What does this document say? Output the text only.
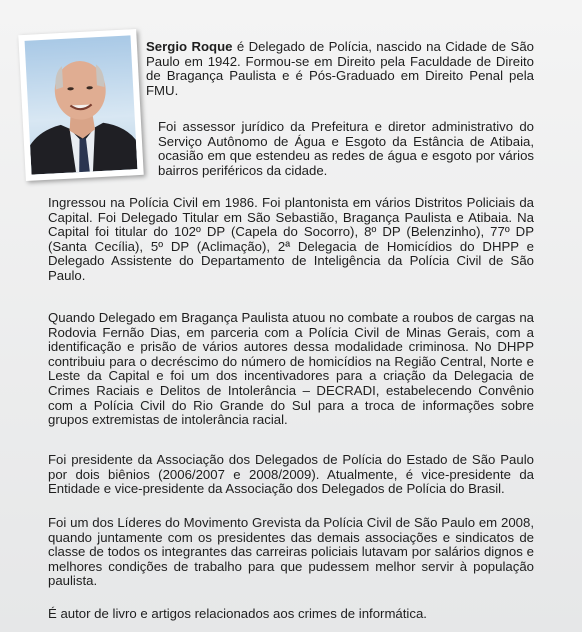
Sergio Roque é Delegado de Polícia, nascido na Cidade de São Paulo em 1942. Formou-se em Direito pela Faculdade de Direito de Bragança Paulista e é Pós-Graduado em Direito Penal pela FMU.

Foi assessor jurídico da Prefeitura e diretor administrativo do Serviço Autônomo de Água e Esgoto da Estância de Atibaia, ocasião em que estendeu as redes de água e esgoto por vários bairros periféricos da cidade.

Ingressou na Polícia Civil em 1986. Foi plantonista em vários Distritos Policiais da Capital. Foi Delegado Titular em São Sebastião, Bragança Paulista e Atibaia. Na Capital foi titular do 102º DP (Capela do Socorro), 8º DP (Belenzinho), 77º DP (Santa Cecília), 5º DP (Aclimação), 2ª Delegacia de Homicídios do DHPP e Delegado Assistente do Departamento de Inteligência da Polícia Civil de São Paulo.

Quando Delegado em Bragança Paulista atuou no combate a roubos de cargas na Rodovia Fernão Dias, em parceria com a Polícia Civil de Minas Gerais, com a identificação e prisão de vários autores dessa modalidade criminosa. No DHPP contribuiu para o decréscimo do número de homicídios na Região Central, Norte e Leste da Capital e foi um dos incentivadores para a criação da Delegacia de Crimes Raciais e Delitos de Intolerância – DECRADI, estabelecendo Convênio com a Polícia Civil do Rio Grande do Sul para a troca de informações sobre grupos extremistas de intolerância racial.

Foi presidente da Associação dos Delegados de Polícia do Estado de São Paulo por dois biênios (2006/2007 e 2008/2009). Atualmente, é vice-presidente da Entidade e vice-presidente da Associação dos Delegados de Polícia do Brasil.

Foi um dos Líderes do Movimento Grevista da Polícia Civil de São Paulo em 2008, quando juntamente com os presidentes das demais associações e sindicatos de classe de todos os integrantes das carreiras policiais lutavam por salários dignos e melhores condições de trabalho para que pudessem melhor servir à população paulista.

É autor de livro e artigos relacionados aos crimes de informática.
